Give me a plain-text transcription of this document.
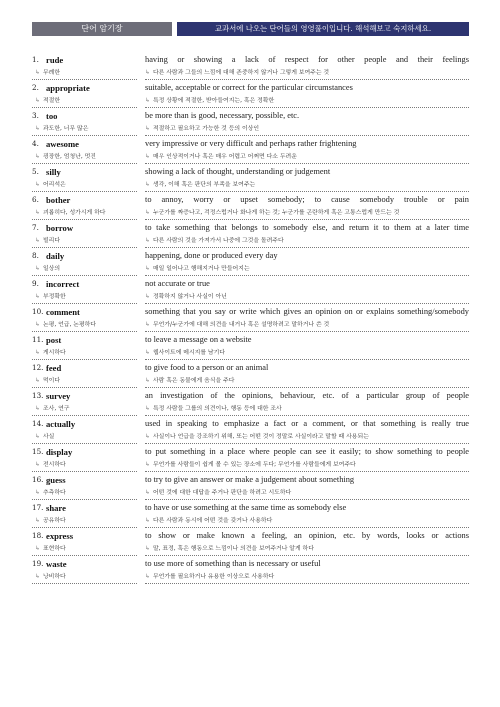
단어 암기장	교과서에 나오는 단어들의 영영풀이입니다. 해석해보고 숙지하세요.
1. rude	having or showing a lack of respect for other people and their feelings
↳ 무례한	↳ 다른 사람과 그들의 느낌에 대해 존중하지 않거나 그렇게 보여주는 것
2. appropriate	suitable, acceptable or correct for the particular circumstances
↳ 적절한	↳ 특정 상황에 적절한, 받아들여지는, 혹은 정확한
3. too	be more than is good, necessary, possible, etc.
↳ 과도한, 너무 많은	↳ 적절하고 필요하고 가능한 것 등의 이상인
4. awesome	very impressive or very difficult and perhaps rather frightening
↳ 굉장한, 엄청난, 멋진	↳ 매우 인상적이거나 혹은 매우 어렵고 어쩌면 다소 두려운
5. silly	showing a lack of thought, understanding or judgement
↳ 어리석은	↳ 생각, 이해 혹은 판단의 부족을 보여주는
6. bother	to annoy, worry or upset somebody; to cause somebody trouble or pain
↳ 괴롭히다, 성가시게 하다	↳ 누군가를 짜증나고, 걱정스럽거나 화나게 하는 것; 누군가를 곤란하게 혹은 고통스럽게 만드는 것
7. borrow	to take something that belongs to somebody else, and return it to them at a later time
↳ 빌리다	↳ 다른 사람의 것을 가져가서 나중에 그것을 돌려주다
8. daily	happening, done or produced every day
↳ 일상의	↳ 매일 일어나고 행해지거나 만들어지는
9. incorrect	not accurate or true
↳ 부정확한	↳ 정확하지 않거나 사실이 아닌
10. comment	something that you say or write which gives an opinion on or explains something/somebody
↳ 논평, 언급, 논평하다	↳ 무언가/누군가에 대해 의견을 내거나 혹은 설명하려고 말하거나 쓴 것
11. post	to leave a message on a website
↳ 게시하다	↳ 웹사이트에 메시지를 남기다
12. feed	to give food to a person or an animal
↳ 먹이다	↳ 사람 혹은 동물에게 음식을 주다
13. survey	an investigation of the opinions, behaviour, etc. of a particular group of people
↳ 조사, 연구	↳ 특정 사람들 그룹의 의견이나, 행동 등에 대한 조사
14. actually	used in speaking to emphasize a fact or a comment, or that something is really true
↳ 사실	↳ 사실이나 언급을 강조하기 위해, 또는 어떤 것이 정말로 사실이라고 말할 때 사용되는
15. display	to put something in a place where people can see it easily; to show something to people
↳ 전시하다	↳ 무언가를 사람들이 쉽게 볼 수 있는 장소에 두다; 무언가를 사람들에게 보여주다
16. guess	to try to give an answer or make a judgement about something
↳ 추측하다	↳ 어떤 것에 대한 대답을 주거나 판단을 하려고 시도하다
17. share	to have or use something at the same time as somebody else
↳ 공유하다	↳ 다른 사람과 동시에 어떤 것을 갖거나 사용하다
18. express	to show or make known a feeling, an opinion, etc. by words, looks or actions
↳ 표현하다	↳ 말, 표정, 혹은 행동으로 느낌이나 의견을 보여주거나 알게 하다
19. waste	to use more of something than is necessary or useful
↳ 낭비하다	↳ 무언가를 필요하거나 유용한 이상으로 사용하다
